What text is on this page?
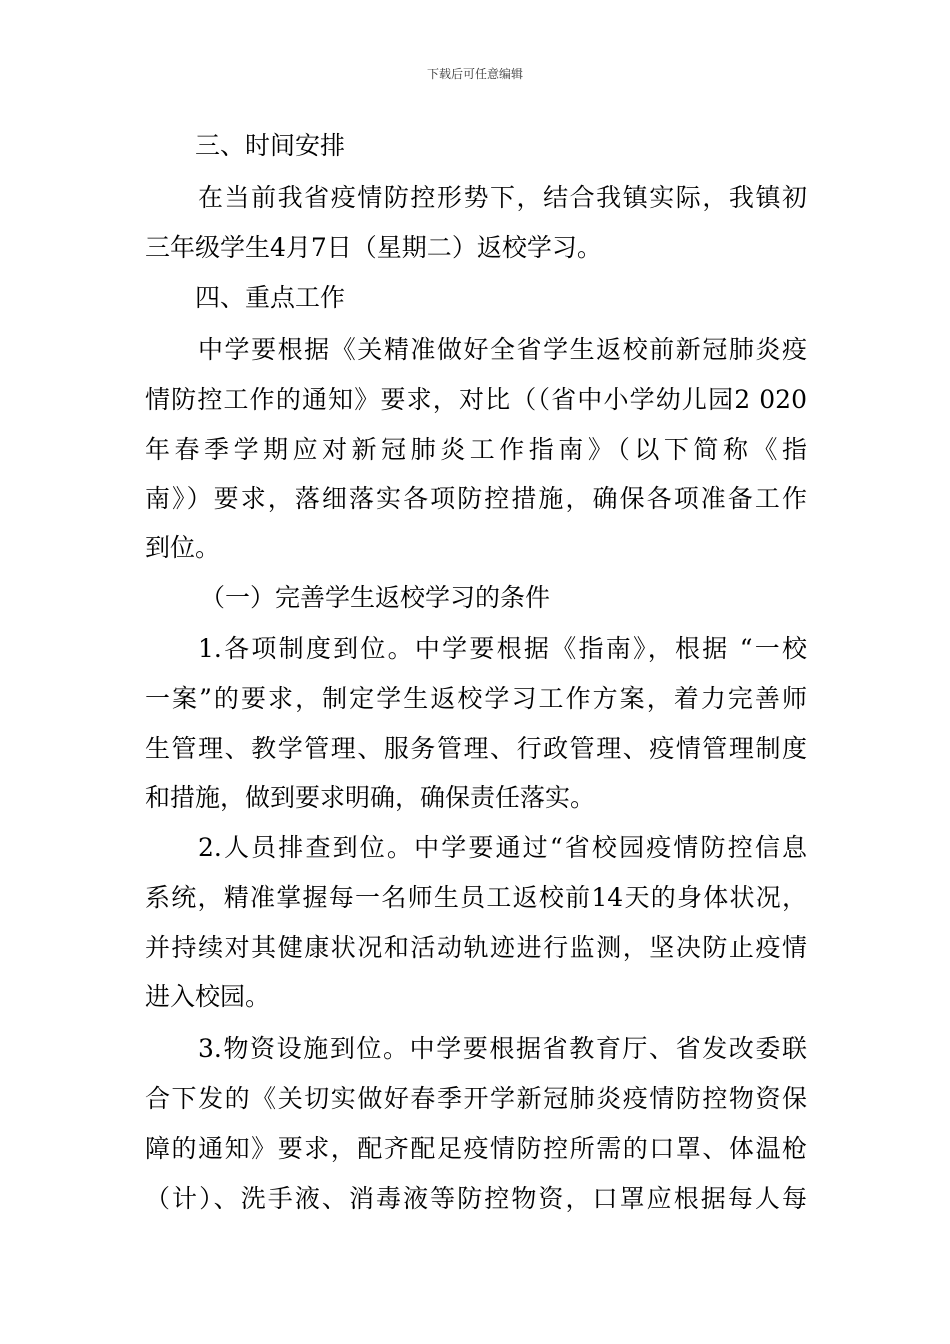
下载后可任意编辑
三、时间安排
在当前我省疫情防控形势下，结合我镇实际，我镇初
三年级学生4月7日（星期二）返校学习。
四、重点工作
中学要根据《关精准做好全省学生返校前新冠肺炎疫
情防控工作的通知》要求，对比（（省中小学幼儿园2 020
年春季学期应对新冠肺炎工作指南》（以下简称《指
南》）要求，落细落实各项防控措施，确保各项准备工作
到位。
（一）完善学生返校学习的条件
1.各项制度到位。中学要根据《指南》，根据 “一校
一案”的要求，制定学生返校学习工作方案，着力完善师
生管理、教学管理、服务管理、行政管理、疫情管理制度
和措施，做到要求明确，确保责任落实。
2.人员排查到位。中学要通过“省校园疫情防控信息
系统，精准掌握每一名师生员工返校前14天的身体状况，
并持续对其健康状况和活动轨迹进行监测，坚决防止疫情
进入校园。
3.物资设施到位。中学要根据省教育厅、省发改委联
合下发的《关切实做好春季开学新冠肺炎疫情防控物资保
障的通知》要求，配齐配足疫情防控所需的口罩、体温枪
（计）、洗手液、消毒液等防控物资，口罩应根据每人每
